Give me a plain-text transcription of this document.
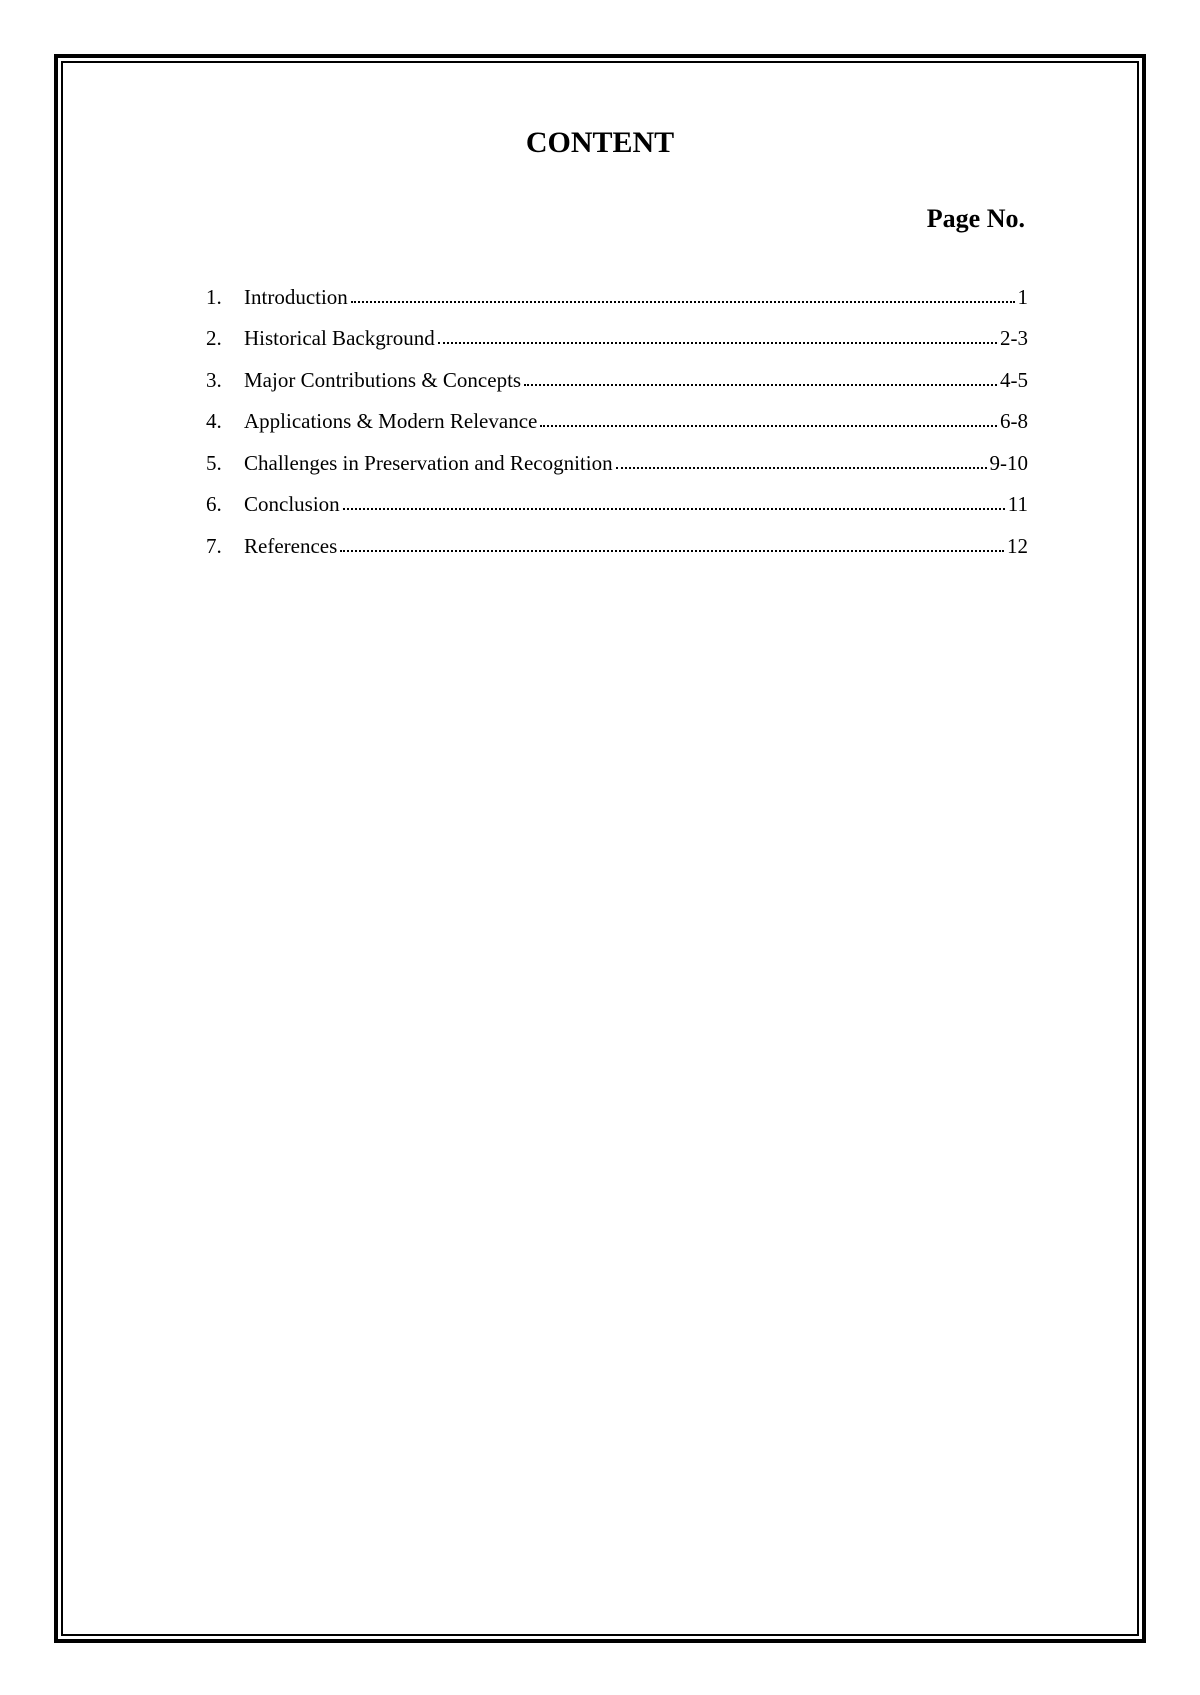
CONTENT
Page No.
1.	Introduction	1
2.	Historical Background	2-3
3.	Major Contributions & Concepts	4-5
4.	Applications & Modern Relevance	6-8
5.	Challenges in Preservation and Recognition	9-10
6.	Conclusion	11
7.	References	12
